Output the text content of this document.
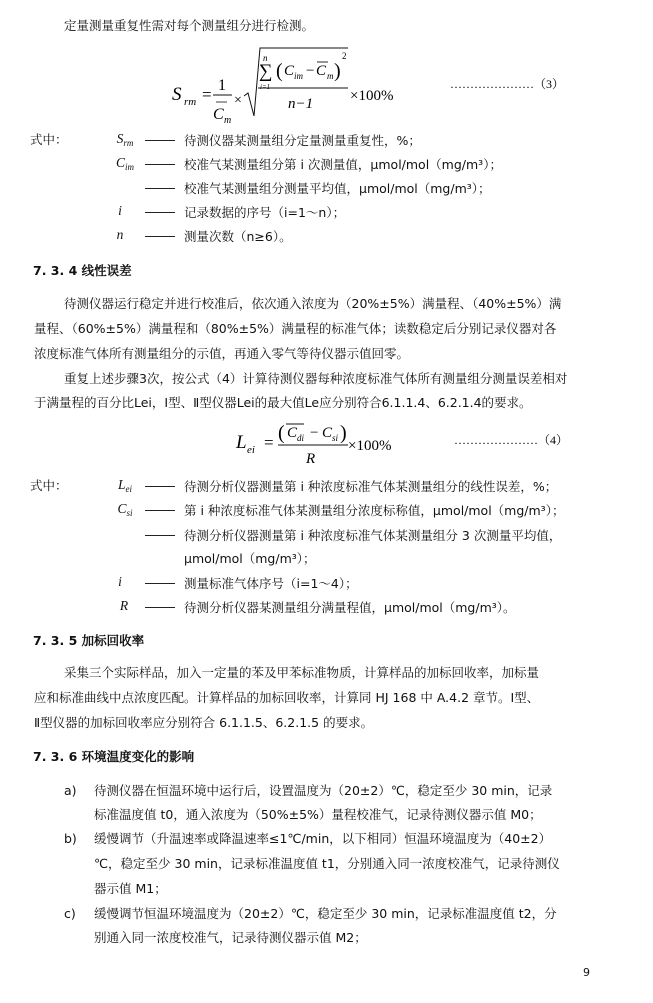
定量测量重复性需对每个测量组分进行检测。
S rm = 1
C m
×
n
∑
i=1
( C im − C m )
2
n−1 ×100%
…………………（3）
式中：	$S_{rm}$	待测仪器某测量组分定量测量重复性，%；
$C_{im}$	校准气某测量组分第 i 次测量值，μmol/mol（mg/m³）；
校准气某测量组分测量平均值，μmol/mol（mg/m³）；
i	记录数据的序号（i=1～n）；
n	测量次数（n≥6）。
7. 3. 4 线性误差
待测仪器运行稳定并进行校准后，依次通入浓度为（20%±5%）满量程、（40%±5%）满
量程、（60%±5%）满量程和（80%±5%）满量程的标准气体；读数稳定后分别记录仪器对各
浓度标准气体所有测量组分的示值，再通入零气等待仪器示值回零。
重复上述步骤3次，按公式（4）计算待测仪器每种浓度标准气体所有测量组分测量误差相对
于满量程的百分比Lei，Ⅰ型、Ⅱ型仪器Lei的最大值Le应分别符合6.1.1.4、6.2.1.4的要求。
L ei = ( C di − C si )
R
×100%	…………………（4）
式中：	$L_{ei}$	待测分析仪器测量第 i 种浓度标准气体某测量组分的线性误差，%；
$C_{si}$	第 i 种浓度标准气体某测量组分浓度标称值，μmol/mol（mg/m³）；
待测分析仪器测量第 i 种浓度标准气体某测量组分 3 次测量平均值，
μmol/mol（mg/m³）；
i	测量标准气体序号（i=1～4）；
R	待测分析仪器某测量组分满量程值，μmol/mol（mg/m³）。
7. 3. 5 加标回收率
采集三个实际样品，加入一定量的苯及甲苯标准物质，计算样品的加标回收率，加标量
应和标准曲线中点浓度匹配。计算样品的加标回收率，计算同 HJ 168 中 A.4.2 章节。Ⅰ型、
Ⅱ型仪器的加标回收率应分别符合 6.1.1.5、6.2.1.5 的要求。
7. 3. 6 环境温度变化的影响
a) 待测仪器在恒温环境中运行后，设置温度为（20±2）℃，稳定至少 30 min，记录
标准温度值 t0，通入浓度为（50%±5%）量程校准气，记录待测仪器示值 M0；
b) 缓慢调节（升温速率或降温速率≤1℃/min，以下相同）恒温环境温度为（40±2）
℃，稳定至少 30 min，记录标准温度值 t1，分别通入同一浓度校准气，记录待测仪
器示值 M1；
c) 缓慢调节恒温环境温度为（20±2）℃，稳定至少 30 min，记录标准温度值 t2，分
别通入同一浓度校准气，记录待测仪器示值 M2；
9
